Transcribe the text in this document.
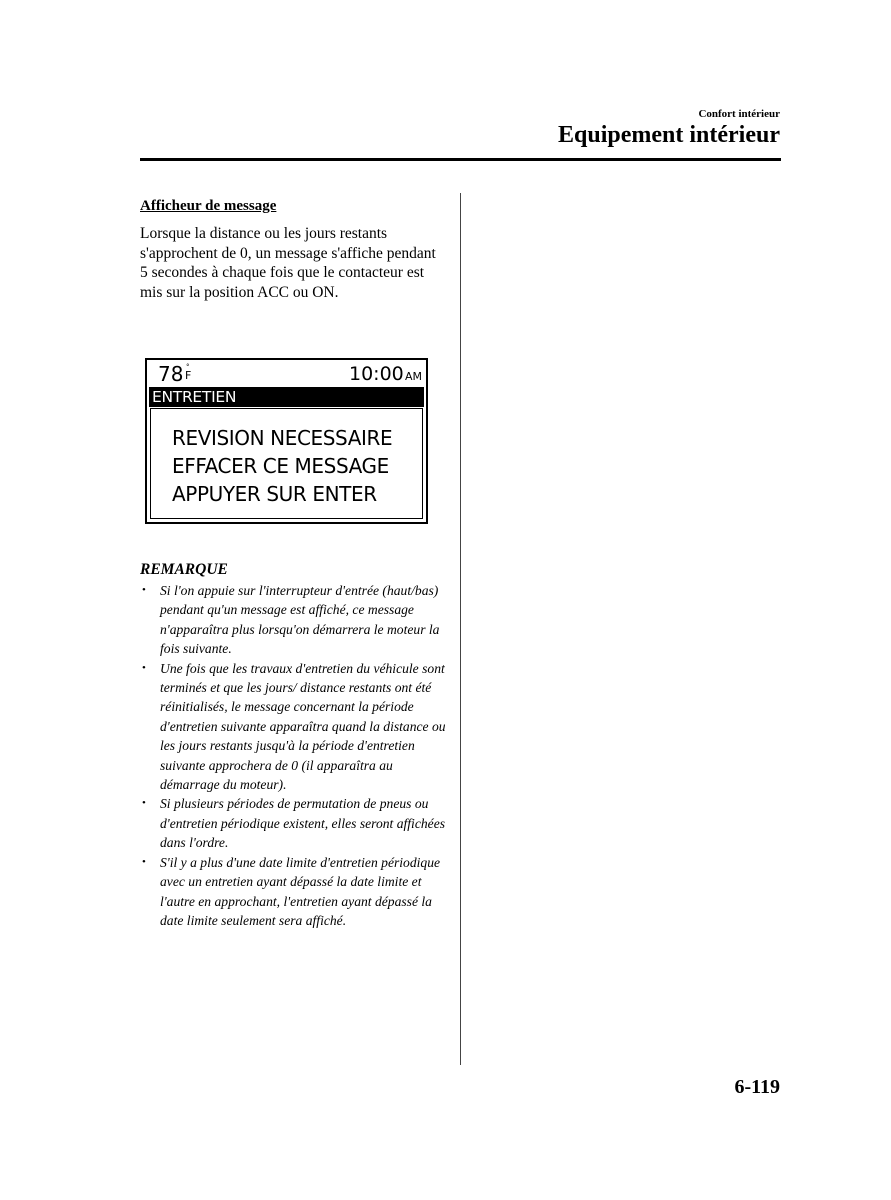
Confort intérieur
Equipement intérieur
Afficheur de message
Lorsque la distance ou les jours restants s'approchent de 0, un message s'affiche pendant 5 secondes à chaque fois que le contacteur est mis sur la position ACC ou ON.
78 °
F	10:00 AM
ENTRETIEN
REVISION NECESSAIRE
EFFACER CE MESSAGE
APPUYER SUR ENTER
REMARQUE
• Si l'on appuie sur l'interrupteur d'entrée (haut/bas) pendant qu'un message est affiché, ce message n'apparaîtra plus lorsqu'on démarrera le moteur la fois suivante.
• Une fois que les travaux d'entretien du véhicule sont terminés et que les jours/ distance restants ont été réinitialisés, le message concernant la période d'entretien suivante apparaîtra quand la distance ou les jours restants jusqu'à la période d'entretien suivante approchera de 0 (il apparaîtra au démarrage du moteur).
• Si plusieurs périodes de permutation de pneus ou d'entretien périodique existent, elles seront affichées dans l'ordre.
• S'il y a plus d'une date limite d'entretien périodique avec un entretien ayant dépassé la date limite et l'autre en approchant, l'entretien ayant dépassé la date limite seulement sera affiché.
6-119
